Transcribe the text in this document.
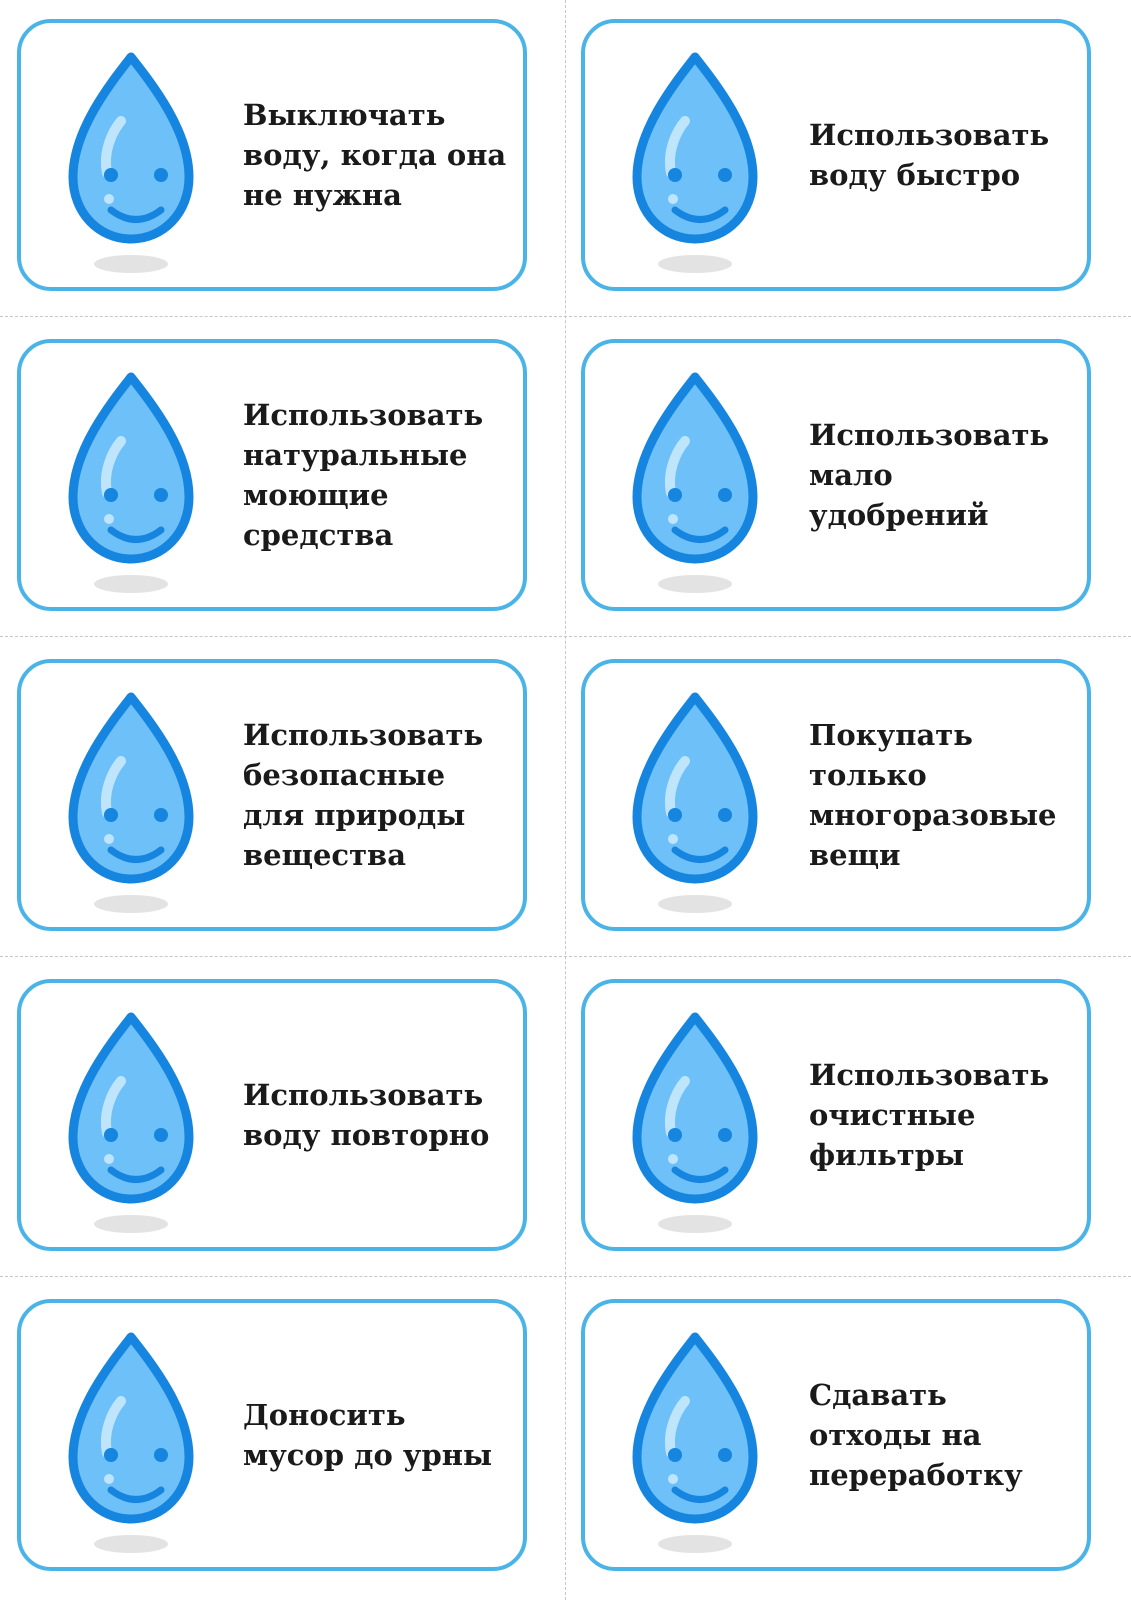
Выключать
воду, когда она
не нужна

Использовать
воду быстро

Использовать
натуральные
моющие
средства

Использовать
мало
удобрений

Использовать
безопасные
для природы
вещества

Покупать
только
многоразовые
вещи

Использовать
воду повторно

Использовать
очистные
фильтры

Доносить
мусор до урны

Сдавать
отходы на
переработку
